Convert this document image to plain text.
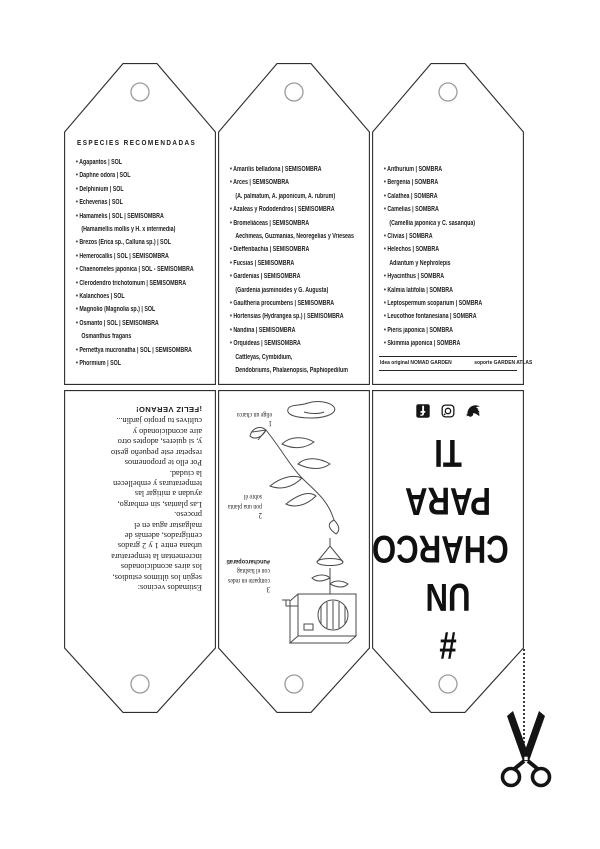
ESPECIES RECOMENDADAS
• Agapantos | SOL
• Daphne odora | SOL
• Delphinium | SOL
• Echeverias | SOL
• Hamamelis | SOL | SEMISOMBRA
(Hamamellis mollis y H. x intermedia)
• Brezos (Erica sp., Calluna sp.) | SOL
• Hemerocallis | SOL | SEMISOMBRA
• Chaenomeles japonica | SOL - SEMISOMBRA
• Clerodendro trichotomum | SEMISOMBRA
• Kalanchoes | SOL
• Magnolio (Magnolia sp.) | SOL
• Osmanto | SOL | SEMISOMBRA
Osmanthus fragans
• Pernettya mucronatha | SOL | SEMISOMBRA
• Phormium | SOL
• Amarilis belladona | SEMISOMBRA
• Arces | SEMISOMBRA
(A. palmatum, A. japonicum, A. rubrum)
• Azaleas y Rododendros | SEMISOMBRA
• Bromeliáceas | SEMISOMBRA
Aechmeas, Guzmanias, Neoregelias y Vrieseas
• Dieffenbachia | SEMISOMBRA
• Fucsias | SEMISOMBRA
• Gardenias | SEMISOMBRA
(Gardenia jasminoides y G. Augusta)
• Gaultheria procumbens | SEMISOMBRA
• Hortensias (Hydrangea sp.) | SEMISOMBRA
• Nandina | SEMISOMBRA
• Orquídeas | SEMISOMBRA
Cattleyas, Cymbidium,
Dendobriums, Phalaenopsis, Paphiopedilum
• Anthurium | SOMBRA
• Bergenia | SOMBRA
• Calathea | SOMBRA
• Camelias | SOMBRA
(Camellia japonica y C. sasanqua)
• Clivias | SOMBRA
• Helechos | SOMBRA
Adiantum y Nephrolepis
• Hyacinthus | SOMBRA
• Kalmia latifolia | SOMBRA
• Leptospermum scoparium | SOMBRA
• Leucothoe fontanesiana | SOMBRA
• Pieris japonica | SOMBRA
• Skimmia japonica | SOMBRA
Idea original NOMAD GARDEN	soporte GARDEN ATLAS
Estimados vecinos:
según los últimos estudios,
los aires acondicionados
incrementan la temperatura
urbana entre 1 y 2 grados
centígrados, además de
malgastar agua en el
proceso.
Las plantas, sin embargo,
ayudan a mitigar las
temperaturas y embellecen
la ciudad.
Por ello te proponemos
respetar este pequeño gesto
y, si quieres, adoptes otro
aire acondicionado y
cultives tu propio jardín...
¡FELIZ VERANO!
1
elige un charco
2
pon una planta
sobre él
3
comparte en redes
con el hashtag
#uncharcoparati
#
UN
CHARCO
PARA
TI
